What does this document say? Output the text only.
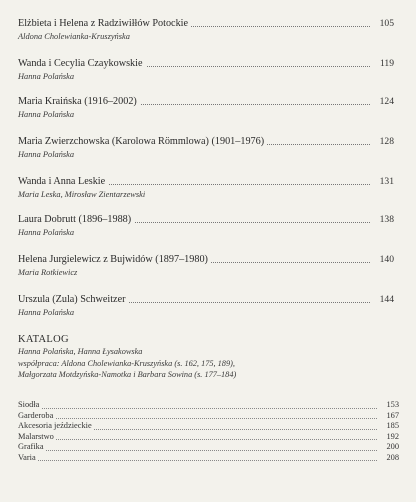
Elżbieta i Helena z Radziwiłłów Potockie	105
Aldona Cholewianka-Kruszyńska
Wanda i Cecylia Czaykowskie	119
Hanna Polańska
Maria Kraińska (1916–2002)	124
Hanna Polańska
Maria Zwierzchowska (Karolowa Römmlowa) (1901–1976)	128
Hanna Polańska
Wanda i Anna Leskie	131
Maria Leska, Mirosław Zientarzewski
Laura Dobrutt (1896–1988)	138
Hanna Polańska
Helena Jurgielewicz z Bujwidów (1897–1980)	140
Maria Rotkiewicz
Urszula (Zula) Schweitzer	144
Hanna Polańska
KATALOG
Hanna Polańska, Hanna Łysakowska
współpraca: Aldona Cholewianka-Kruszyńska (s. 162, 175, 189),
Małgorzata Motdzyńska-Namotka i Barbara Sowina (s. 177–184)
Siodła	153
Garderoba	167
Akcesoria jeździeckie	185
Malarstwo	192
Grafika	200
Varia	208
